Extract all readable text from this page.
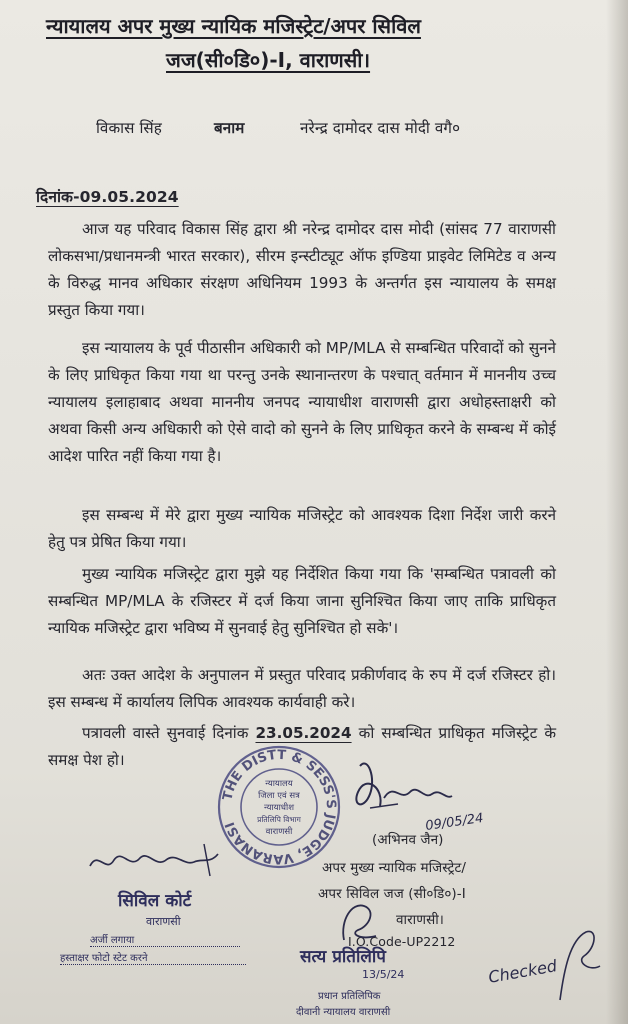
न्यायालय अपर मुख्य न्यायिक मजिस्ट्रेट/अपर सिविल
जज(सी०डि०)-I, वाराणसी।
विकास सिंह	बनाम	नरेन्द्र दामोदर दास मोदी वगै०
दिनांक-09.05.2024
आज यह परिवाद विकास सिंह द्वारा श्री नरेन्द्र दामोदर दास मोदी (सांसद 77 वाराणसी लोकसभा/प्रधानमन्त्री भारत सरकार), सीरम इन्स्टीट्यूट ऑफ इण्डिया प्राइवेट लिमिटेड व अन्य के विरुद्ध मानव अधिकार संरक्षण अधिनियम 1993 के अन्तर्गत इस न्यायालय के समक्ष प्रस्तुत किया गया।
इस न्यायालय के पूर्व पीठासीन अधिकारी को MP/MLA से सम्बन्धित परिवादों को सुनने के लिए प्राधिकृत किया गया था परन्तु उनके स्थानान्तरण के पश्चात् वर्तमान में माननीय उच्च न्यायालय इलाहाबाद अथवा माननीय जनपद न्यायाधीश वाराणसी द्वारा अधोहस्ताक्षरी को अथवा किसी अन्य अधिकारी को ऐसे वादो को सुनने के लिए प्राधिकृत करने के सम्बन्ध में कोई आदेश पारित नहीं किया गया है।
इस सम्बन्ध में मेरे द्वारा मुख्य न्यायिक मजिस्ट्रेट को आवश्यक दिशा निर्देश जारी करने हेतु पत्र प्रेषित किया गया।
मुख्य न्यायिक मजिस्ट्रेट द्वारा मुझे यह निर्देशित किया गया कि 'सम्बन्धित पत्रावली को सम्बन्धित MP/MLA के रजिस्टर में दर्ज किया जाना सुनिश्चित किया जाए ताकि प्राधिकृत न्यायिक मजिस्ट्रेट द्वारा भविष्य में सुनवाई हेतु सुनिश्चित हो सके'।
अतः उक्त आदेश के अनुपालन में प्रस्तुत परिवाद प्रकीर्णवाद के रुप में दर्ज रजिस्टर हो। इस सम्बन्ध में कार्यालय लिपिक आवश्यक कार्यवाही करे।
पत्रावली वास्ते सुनवाई दिनांक 23.05.2024 को सम्बन्धित प्राधिकृत मजिस्ट्रेट के समक्ष पेश हो।
THE DISTT & SESS'S JUDGE, VARANASI
न्यायालय
जिला एवं सत्र
न्यायाधीश
प्रतिलिपि विभाग
वाराणसी	09/05/24
(अभिनव जैन)
अपर मुख्य न्यायिक मजिस्ट्रेट/
अपर सिविल जज (सी०डि०)-I
वाराणसी।
I.O.Code-UP2212
सिविल कोर्ट
वाराणसी
अर्जी लगाया
हस्ताक्षर फोटो स्टेट करने	सत्य प्रतिलिपि
13/5/24
प्रधान प्रतिलिपिक
दीवानी न्यायालय वाराणसी
Checked
